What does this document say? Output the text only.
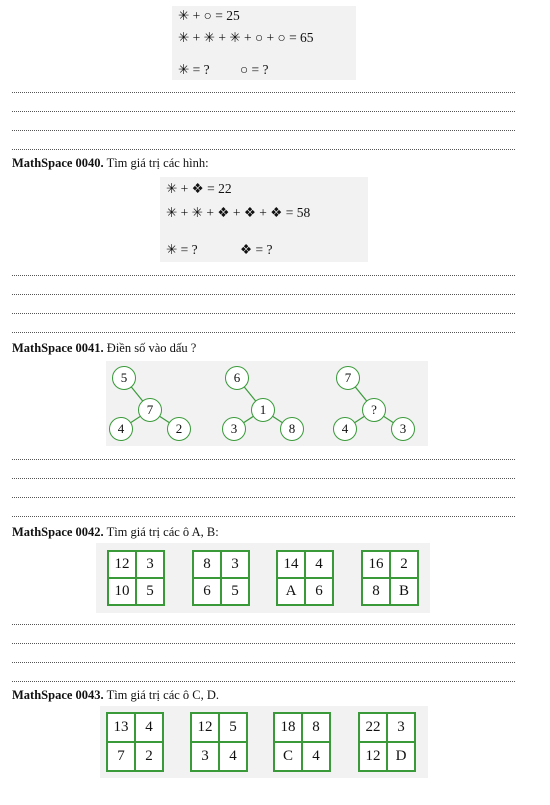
✳ + ○ = 25
✳ + ✳ + ✳ + ○ + ○ = 65
✳ = ? ○ = ?
MathSpace 0040. Tìm giá trị các hình:
✳ + ❖ = 22
✳ + ✳ + ❖ + ❖ + ❖ = 58
✳ = ?	❖ = ?
MathSpace 0041. Điền số vào dấu ?
5
7
4	2
6
1
3	8
7
?
4	3
MathSpace 0042. Tìm giá trị các ô A, B:
12	3
10	5
8	3
6	5
14	4
A	6
16	2
8	B
MathSpace 0043. Tìm giá trị các ô C, D.
13	4
7	2
12	5
3	4
18	8
C	4
22	3
12	D
